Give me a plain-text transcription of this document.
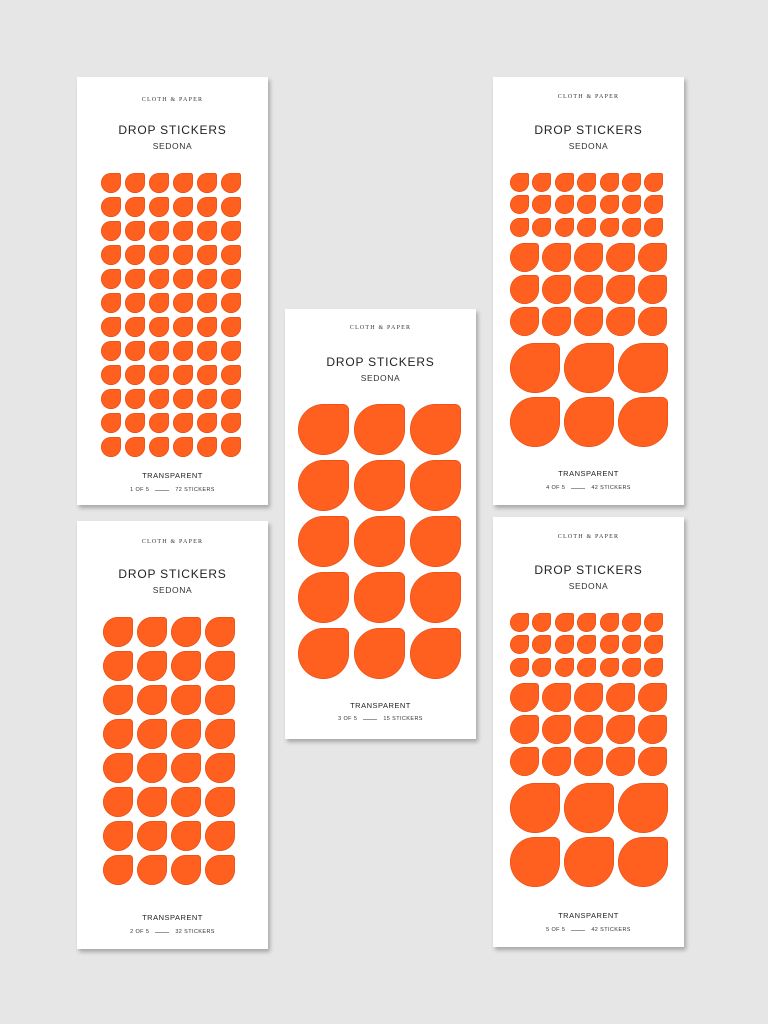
CLOTH & PAPER
DROP STICKERS
SEDONA
TRANSPARENT
1 OF 5	72 STICKERS
CLOTH & PAPER
DROP STICKERS
SEDONA
TRANSPARENT
2 OF 5	32 STICKERS
CLOTH & PAPER
DROP STICKERS
SEDONA
TRANSPARENT
3 OF 5	15 STICKERS
CLOTH & PAPER
DROP STICKERS
SEDONA
TRANSPARENT
4 OF 5	42 STICKERS
CLOTH & PAPER
DROP STICKERS
SEDONA
TRANSPARENT
5 OF 5	42 STICKERS
